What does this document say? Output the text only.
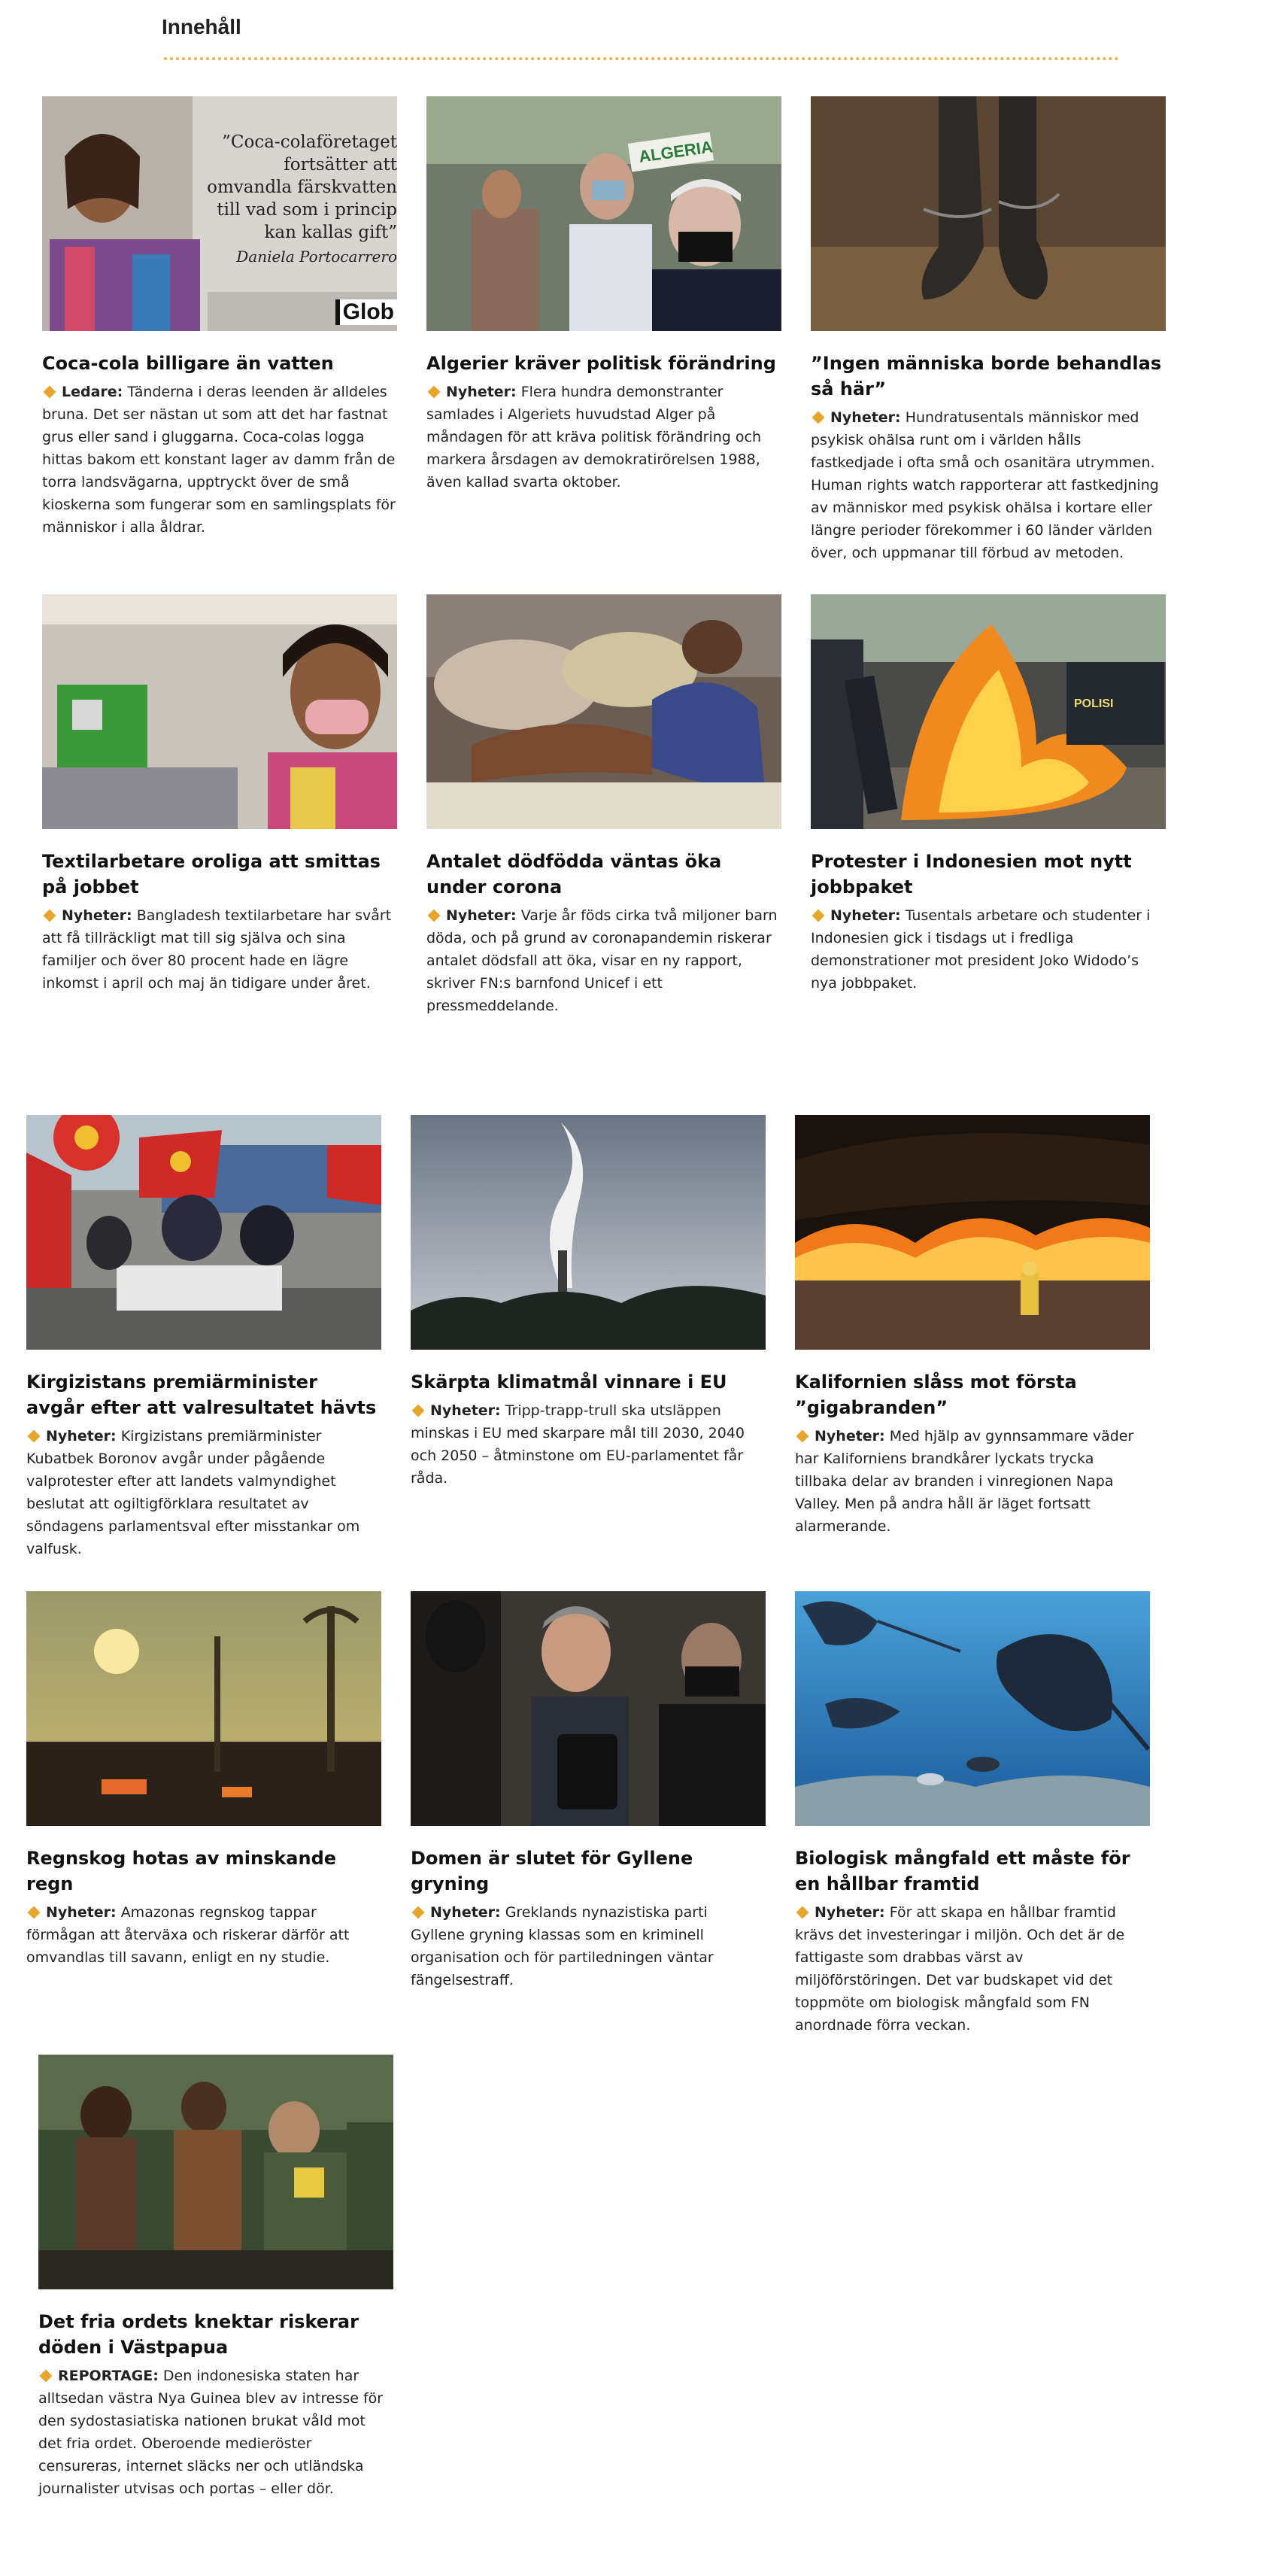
Innehåll
”Coca-colaföretaget fortsätter att omvandla färskvatten till vad som i princip kan kallas gift”
Daniela Portocarrero
Glob
Coca-cola billigare än vatten
Ledare: Tänderna i deras leenden är alldeles bruna. Det ser nästan ut som att det har fastnat grus eller sand i gluggarna. Coca-colas logga hittas bakom ett konstant lager av damm från de torra landsvägarna, upptryckt över de små kioskerna som fungerar som en samlingsplats för människor i alla åldrar.
ALGERIA
Algerier kräver politisk förändring
Nyheter: Flera hundra demonstranter samlades i Algeriets huvudstad Alger på måndagen för att kräva politisk förändring och markera årsdagen av demokratirörelsen 1988, även kallad svarta oktober.
”Ingen människa borde behandlas så här”
Nyheter: Hundratusentals människor med psykisk ohälsa runt om i världen hålls fastkedjade i ofta små och osanitära utrymmen. Human rights watch rapporterar att fastkedjning av människor med psykisk ohälsa i kortare eller längre perioder förekommer i 60 länder världen över, och uppmanar till förbud av metoden.
Textilarbetare oroliga att smittas på jobbet
Nyheter: Bangladesh textilarbetare har svårt att få tillräckligt mat till sig själva och sina familjer och över 80 procent hade en lägre inkomst i april och maj än tidigare under året.
Antalet dödfödda väntas öka under corona
Nyheter: Varje år föds cirka två miljoner barn döda, och på grund av coronapandemin riskerar antalet dödsfall att öka, visar en ny rapport, skriver FN:s barnfond Unicef i ett pressmeddelande.
POLISI
Protester i Indonesien mot nytt jobbpaket
Nyheter: Tusentals arbetare och studenter i Indonesien gick i tisdags ut i fredliga demonstrationer mot president Joko Widodo’s nya jobbpaket.
Kirgizistans premiärminister avgår efter att valresultatet hävts
Nyheter: Kirgizistans premiärminister Kubatbek Boronov avgår under pågående valprotester efter att landets valmyndighet beslutat att ogiltigförklara resultatet av söndagens parlamentsval efter misstankar om valfusk.
Skärpta klimatmål vinnare i EU
Nyheter: Tripp-trapp-trull ska utsläppen minskas i EU med skarpare mål till 2030, 2040 och 2050 – åtminstone om EU-parlamentet får råda.
Kalifornien slåss mot första ”gigabranden”
Nyheter: Med hjälp av gynnsammare väder har Kaliforniens brandkårer lyckats trycka tillbaka delar av branden i vinregionen Napa Valley. Men på andra håll är läget fortsatt alarmerande.
Regnskog hotas av minskande regn
Nyheter: Amazonas regnskog tappar förmågan att återväxa och riskerar därför att omvandlas till savann, enligt en ny studie.
Domen är slutet för Gyllene gryning
Nyheter: Greklands nynazistiska parti Gyllene gryning klassas som en kriminell organisation och för partiledningen väntar fängelsestraff.
Biologisk mångfald ett måste för en hållbar framtid
Nyheter: För att skapa en hållbar framtid krävs det investeringar i miljön. Och det är de fattigaste som drabbas värst av miljöförstöringen. Det var budskapet vid det toppmöte om biologisk mångfald som FN anordnade förra veckan.
Det fria ordets knektar riskerar döden i Västpapua
REPORTAGE: Den indonesiska staten har alltsedan västra Nya Guinea blev av intresse för den sydostasiatiska nationen brukat våld mot det fria ordet. Oberoende medieröster censureras, internet släcks ner och utländska journalister utvisas och portas – eller dör.
